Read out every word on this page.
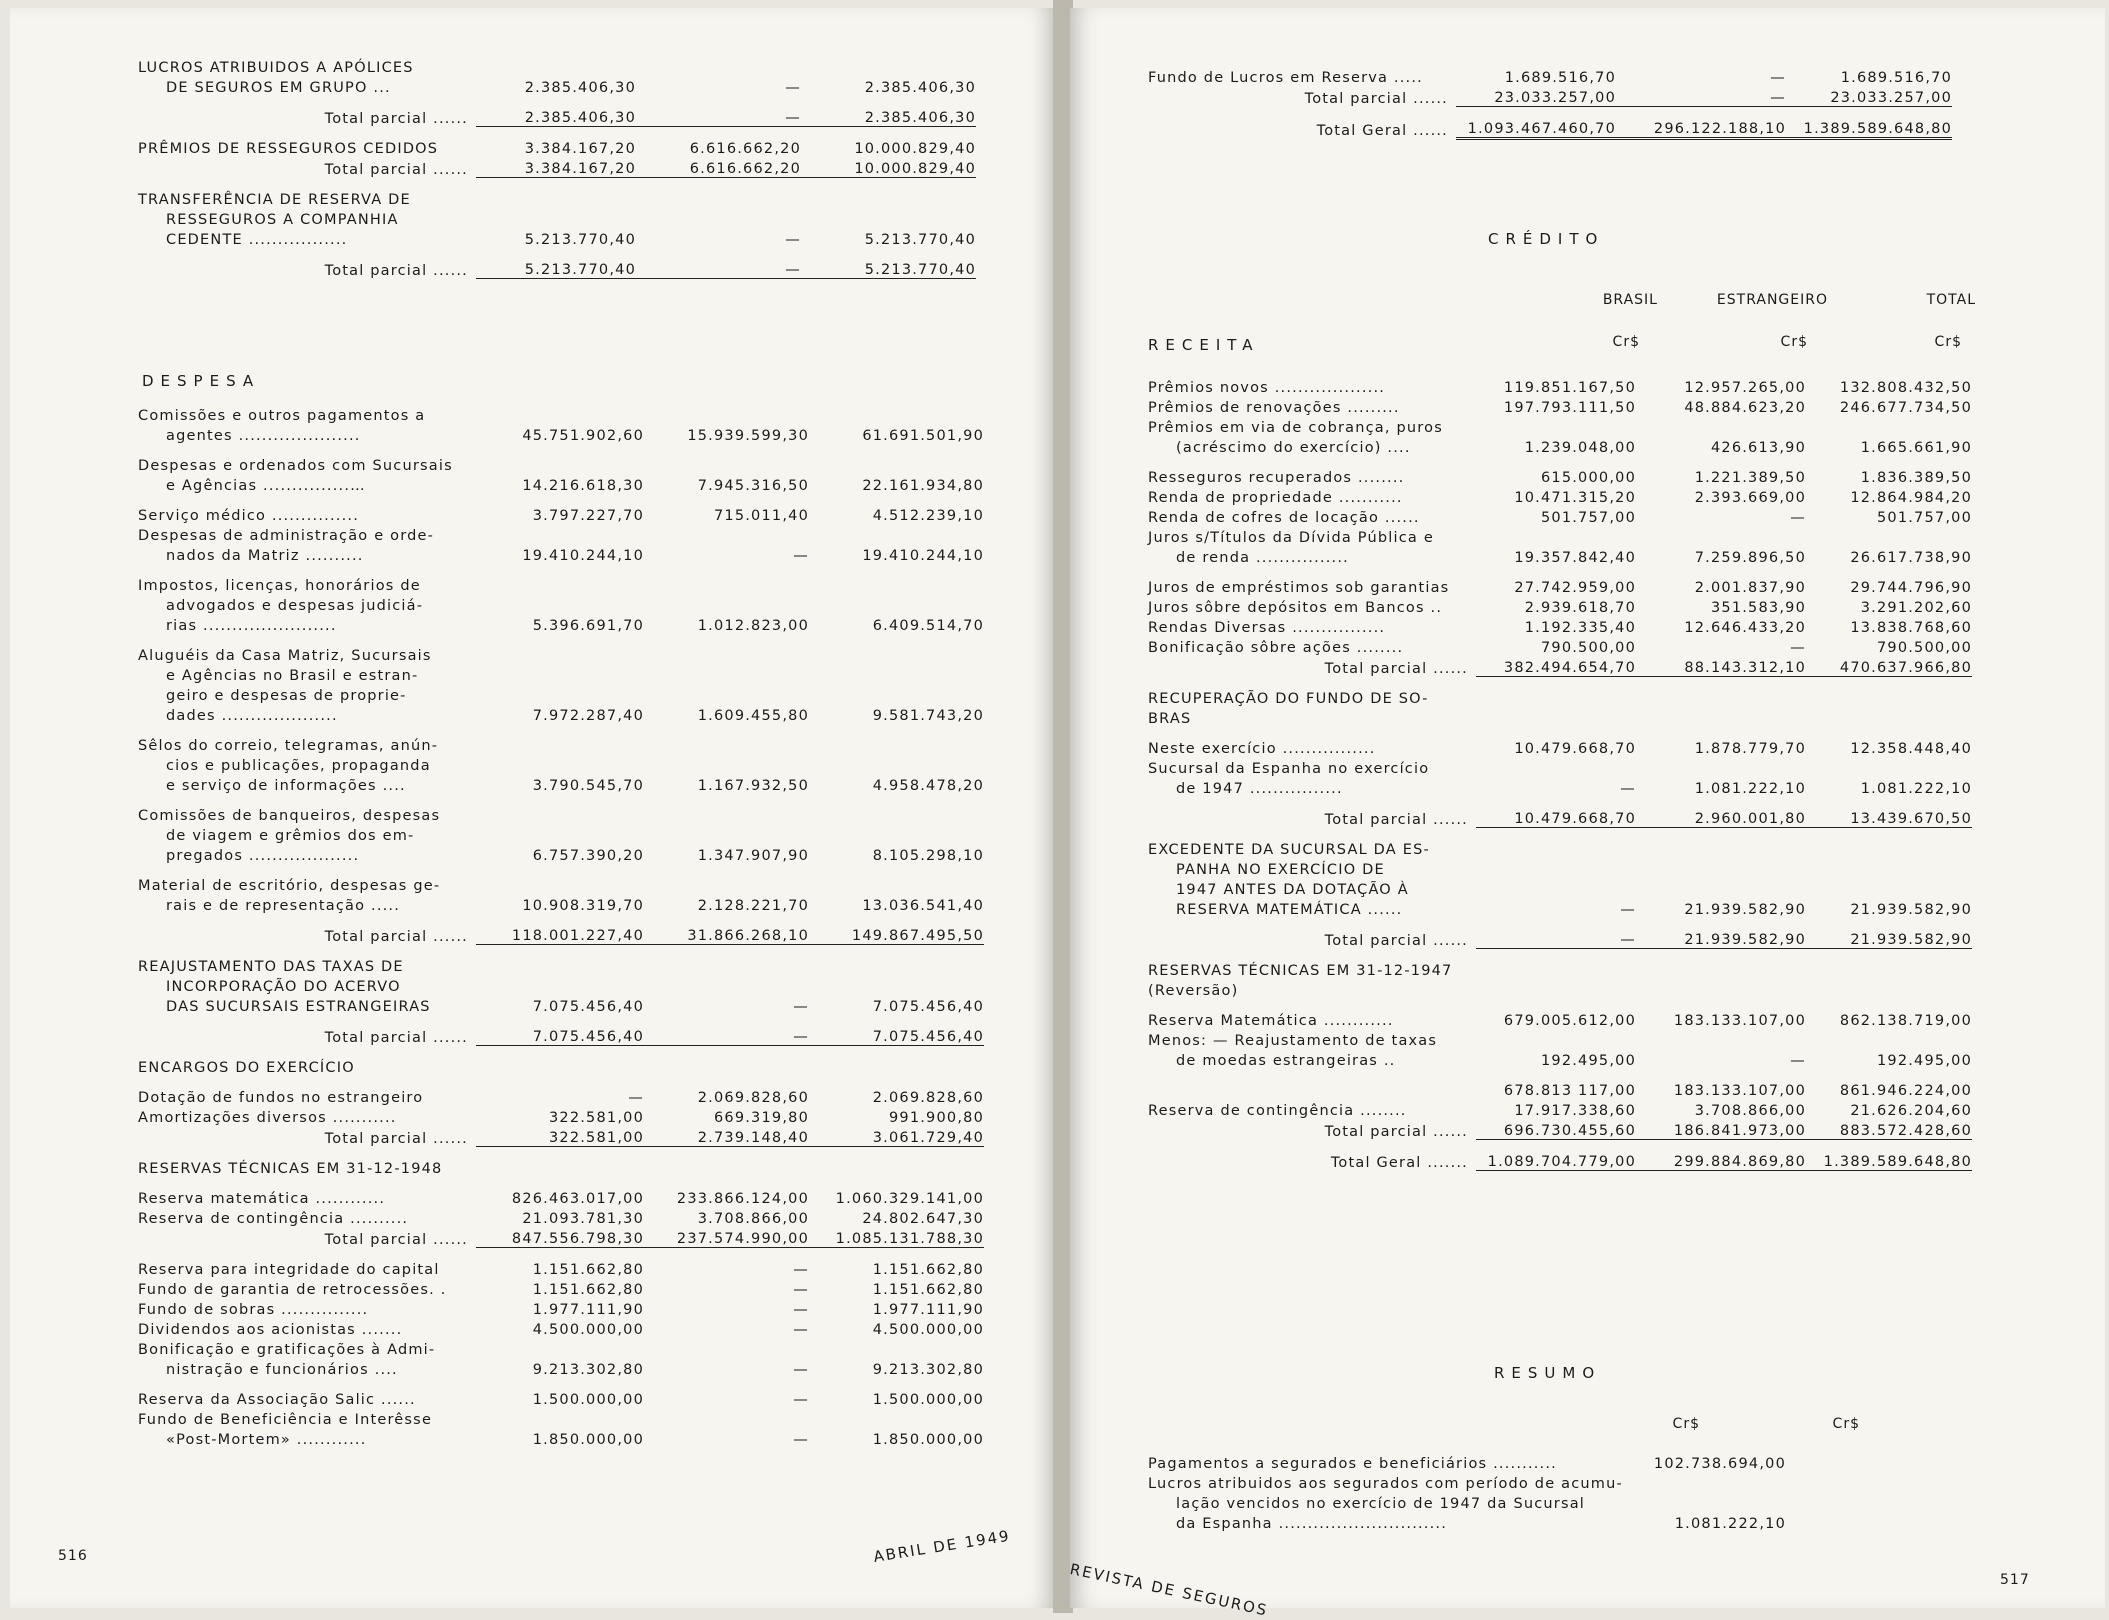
LUCROS ATRIBUIDOS A APÓLICES			
DE SEGUROS EM GRUPO ...	2.385.406,30	—	2.385.406,30

Total parcial ......	2.385.406,30	—	2.385.406,30

PRÊMIOS DE RESSEGUROS CEDIDOS	3.384.167,20	6.616.662,20	10.000.829,40

Total parcial ......	3.384.167,20	6.616.662,20	10.000.829,40

TRANSFERÊNCIA DE RESERVA DE			
RESSEGUROS A COMPANHIA			
CEDENTE .................	5.213.770,40	—	5.213.770,40

Total parcial ......	5.213.770,40	—	5.213.770,40

DESPESA
Comissões e outros pagamentos a			
agentes .....................	45.751.902,60	15.939.599,30	61.691.501,90

Despesas e ordenados com Sucursais			
e Agências ...............…	14.216.618,30	7.945.316,50	22.161.934,80

Serviço médico ...............	3.797.227,70	715.011,40	4.512.239,10

Despesas de administração e orde-			
nados da Matriz ..........	19.410.244,10	—	19.410.244,10

Impostos, licenças, honorários de			
advogados e despesas judiciá-			
rias .......................	5.396.691,70	1.012.823,00	6.409.514,70

Aluguéis da Casa Matriz, Sucursais			
e Agências no Brasil e estran-			
geiro e despesas de proprie-			
dades ....................	7.972.287,40	1.609.455,80	9.581.743,20

Sêlos do correio, telegramas, anún-			
cios e publicações, propaganda			
e serviço de informações ....	3.790.545,70	1.167.932,50	4.958.478,20

Comissões de banqueiros, despesas			
de viagem e grêmios dos em-			
pregados ...................	6.757.390,20	1.347.907,90	8.105.298,10

Material de escritório, despesas ge-			
rais e de representação .....	10.908.319,70	2.128.221,70	13.036.541,40

Total parcial ......	118.001.227,40	31.866.268,10	149.867.495,50

REAJUSTAMENTO DAS TAXAS DE			
INCORPORAÇÃO DO ACERVO			
DAS SUCURSAIS ESTRANGEIRAS	7.075.456,40	—	7.075.456,40

Total parcial ......	7.075.456,40	—	7.075.456,40

ENCARGOS DO EXERCÍCIO			

Dotação de fundos no estrangeiro	—	2.069.828,60	2.069.828,60

Amortizações diversos ...........	322.581,00	669.319,80	991.900,80

Total parcial ......	322.581,00	2.739.148,40	3.061.729,40

RESERVAS TÉCNICAS EM 31-12-1948			

Reserva matemática ............	826.463.017,00	233.866.124,00	1.060.329.141,00

Reserva de contingência ..........	21.093.781,30	3.708.866,00	24.802.647,30

Total parcial ......	847.556.798,30	237.574.990,00	1.085.131.788,30

Reserva para integridade do capital	1.151.662,80	—	1.151.662,80

Fundo de garantia de retrocessões. .	1.151.662,80	—	1.151.662,80

Fundo de sobras ...............	1.977.111,90	—	1.977.111,90

Dividendos aos acionistas .......	4.500.000,00	—	4.500.000,00

Bonificação e gratificações à Admi-			
nistração e funcionários ....	9.213.302,80	—	9.213.302,80

Reserva da Associação Salic ......	1.500.000,00	—	1.500.000,00

Fundo de Beneficiência e Interêsse			
«Post-Mortem» ............	1.850.000,00	—	1.850.000,00

516	ABRIL DE 1949
Fundo de Lucros em Reserva .....	1.689.516,70	—	1.689.516,70

Total parcial ......	23.033.257,00	—	23.033.257,00

Total Geral ......	1.093.467.460,70	296.122.188,10	1.389.589.648,80

CRÉDITO
BRASIL	ESTRANGEIRO	TOTAL
RECEITA	Cr$	Cr$	Cr$
Prêmios novos ...................	119.851.167,50	12.957.265,00	132.808.432,50

Prêmios de renovações .........	197.793.111,50	48.884.623,20	246.677.734,50

Prêmios em via de cobrança, puros			
(acréscimo do exercício) ....	1.239.048,00	426.613,90	1.665.661,90

Resseguros recuperados ........	615.000,00	1.221.389,50	1.836.389,50

Renda de propriedade ...........	10.471.315,20	2.393.669,00	12.864.984,20

Renda de cofres de locação ......	501.757,00	—	501.757,00

Juros s/Títulos da Dívida Pública e			
de renda ................	19.357.842,40	7.259.896,50	26.617.738,90

Juros de empréstimos sob garantias	27.742.959,00	2.001.837,90	29.744.796,90

Juros sôbre depósitos em Bancos ..	2.939.618,70	351.583,90	3.291.202,60

Rendas Diversas ................	1.192.335,40	12.646.433,20	13.838.768,60

Bonificação sôbre ações ........	790.500,00	—	790.500,00

Total parcial ......	382.494.654,70	88.143.312,10	470.637.966,80

RECUPERAÇÃO DO FUNDO DE SO-			
BRAS			

Neste exercício ................	10.479.668,70	1.878.779,70	12.358.448,40

Sucursal da Espanha no exercício			
de 1947 ................	—	1.081.222,10	1.081.222,10

Total parcial ......	10.479.668,70	2.960.001,80	13.439.670,50

EXCEDENTE DA SUCURSAL DA ES-			
PANHA NO EXERCÍCIO DE			
1947 ANTES DA DOTAÇÃO À			
RESERVA MATEMÁTICA ......	—	21.939.582,90	21.939.582,90

Total parcial ......	—	21.939.582,90	21.939.582,90

RESERVAS TÉCNICAS EM 31-12-1947			
(Reversão)			

Reserva Matemática ............	679.005.612,00	183.133.107,00	862.138.719,00

Menos: — Reajustamento de taxas			
de moedas estrangeiras ..	192.495,00	—	192.495,00

	678.813 117,00	183.133.107,00	861.946.224,00

Reserva de contingência ........	17.917.338,60	3.708.866,00	21.626.204,60

Total parcial ......	696.730.455,60	186.841.973,00	883.572.428,60

Total Geral .......	1.089.704.779,00	299.884.869,80	1.389.589.648,80

RESUMO
Cr$	Cr$
Pagamentos a segurados e beneficiários ...........	102.738.694,00
Lucros atribuidos aos segurados com período de acumu-	
lação vencidos no exercício de 1947 da Sucursal	
da Espanha .............................	1.081.222,10
REVISTA DE SEGUROS	517
